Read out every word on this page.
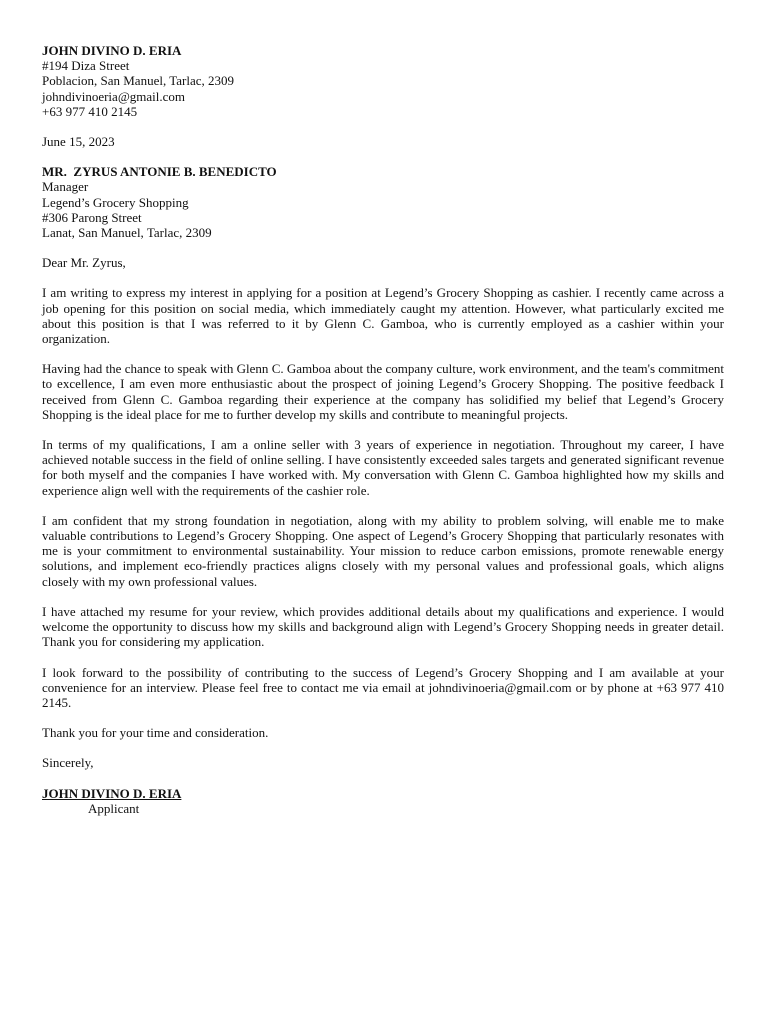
JOHN DIVINO D. ERIA
#194 Diza Street
Poblacion, San Manuel, Tarlac, 2309
johndivinoeria@gmail.com
+63 977 410 2145
June 15, 2023
MR.  ZYRUS ANTONIE B. BENEDICTO
Manager
Legend’s Grocery Shopping
#306 Parong Street
Lanat, San Manuel, Tarlac, 2309
Dear Mr. Zyrus,

I am writing to express my interest in applying for a position at Legend’s Grocery Shopping as cashier. I recently came across a job opening for this position on social media, which immediately caught my attention. However, what particularly excited me about this position is that I was referred to it by Glenn C. Gamboa, who is currently employed as a cashier within your organization.

Having had the chance to speak with Glenn C. Gamboa about the company culture, work environment, and the team's commitment to excellence, I am even more enthusiastic about the prospect of joining Legend’s Grocery Shopping. The positive feedback I received from Glenn C. Gamboa regarding their experience at the company has solidified my belief that Legend’s Grocery Shopping is the ideal place for me to further develop my skills and contribute to meaningful projects.

In terms of my qualifications, I am a online seller with 3 years of experience in negotiation. Throughout my career, I have achieved notable success in the field of online selling. I have consistently exceeded sales targets and generated significant revenue for both myself and the companies I have worked with. My conversation with Glenn C. Gamboa highlighted how my skills and experience align well with the requirements of the cashier role.

I am confident that my strong foundation in negotiation, along with my ability to problem solving, will enable me to make valuable contributions to Legend’s Grocery Shopping. One aspect of Legend’s Grocery Shopping that particularly resonates with me is your commitment to environmental sustainability. Your mission to reduce carbon emissions, promote renewable energy solutions, and implement eco-friendly practices aligns closely with my personal values and professional goals, which aligns closely with my own professional values.

I have attached my resume for your review, which provides additional details about my qualifications and experience. I would welcome the opportunity to discuss how my skills and background align with Legend’s Grocery Shopping needs in greater detail. Thank you for considering my application.

I look forward to the possibility of contributing to the success of Legend’s Grocery Shopping and I am available at your convenience for an interview. Please feel free to contact me via email at johndivinoeria@gmail.com or by phone at +63 977 410 2145.

Thank you for your time and consideration.

Sincerely,
JOHN DIVINO D. ERIA
Applicant
